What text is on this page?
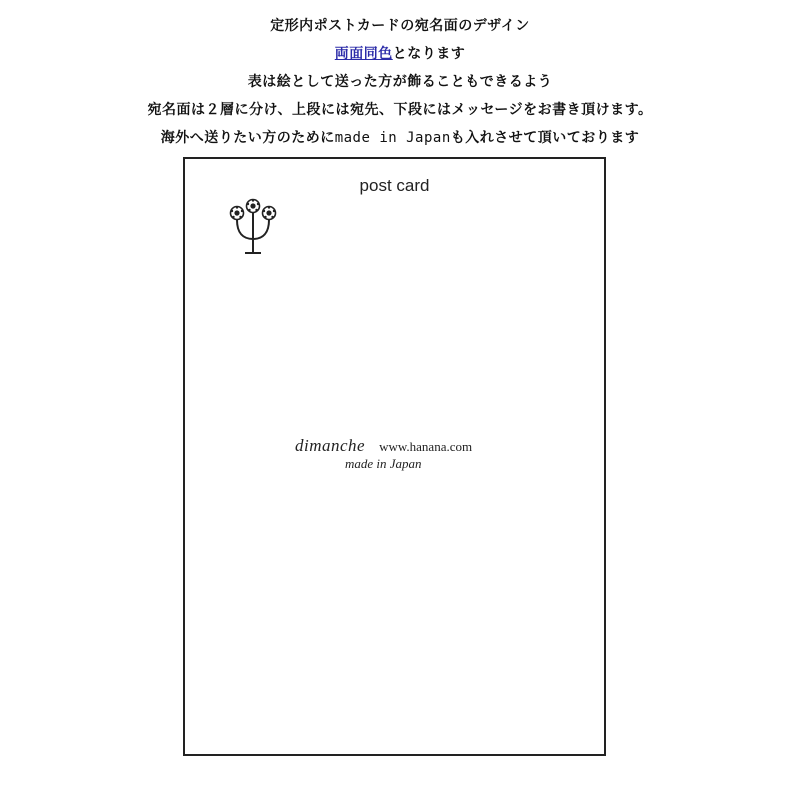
定形内ポストカードの宛名面のデザイン
両面同色となります
表は絵として送った方が飾ることもできるよう
宛名面は２層に分け、上段には宛先、下段にはメッセージをお書き頂けます。
海外へ送りたい方のためにmade in Japanも入れさせて頂いております
post card
dimanche www.hanana.com
made in Japan
